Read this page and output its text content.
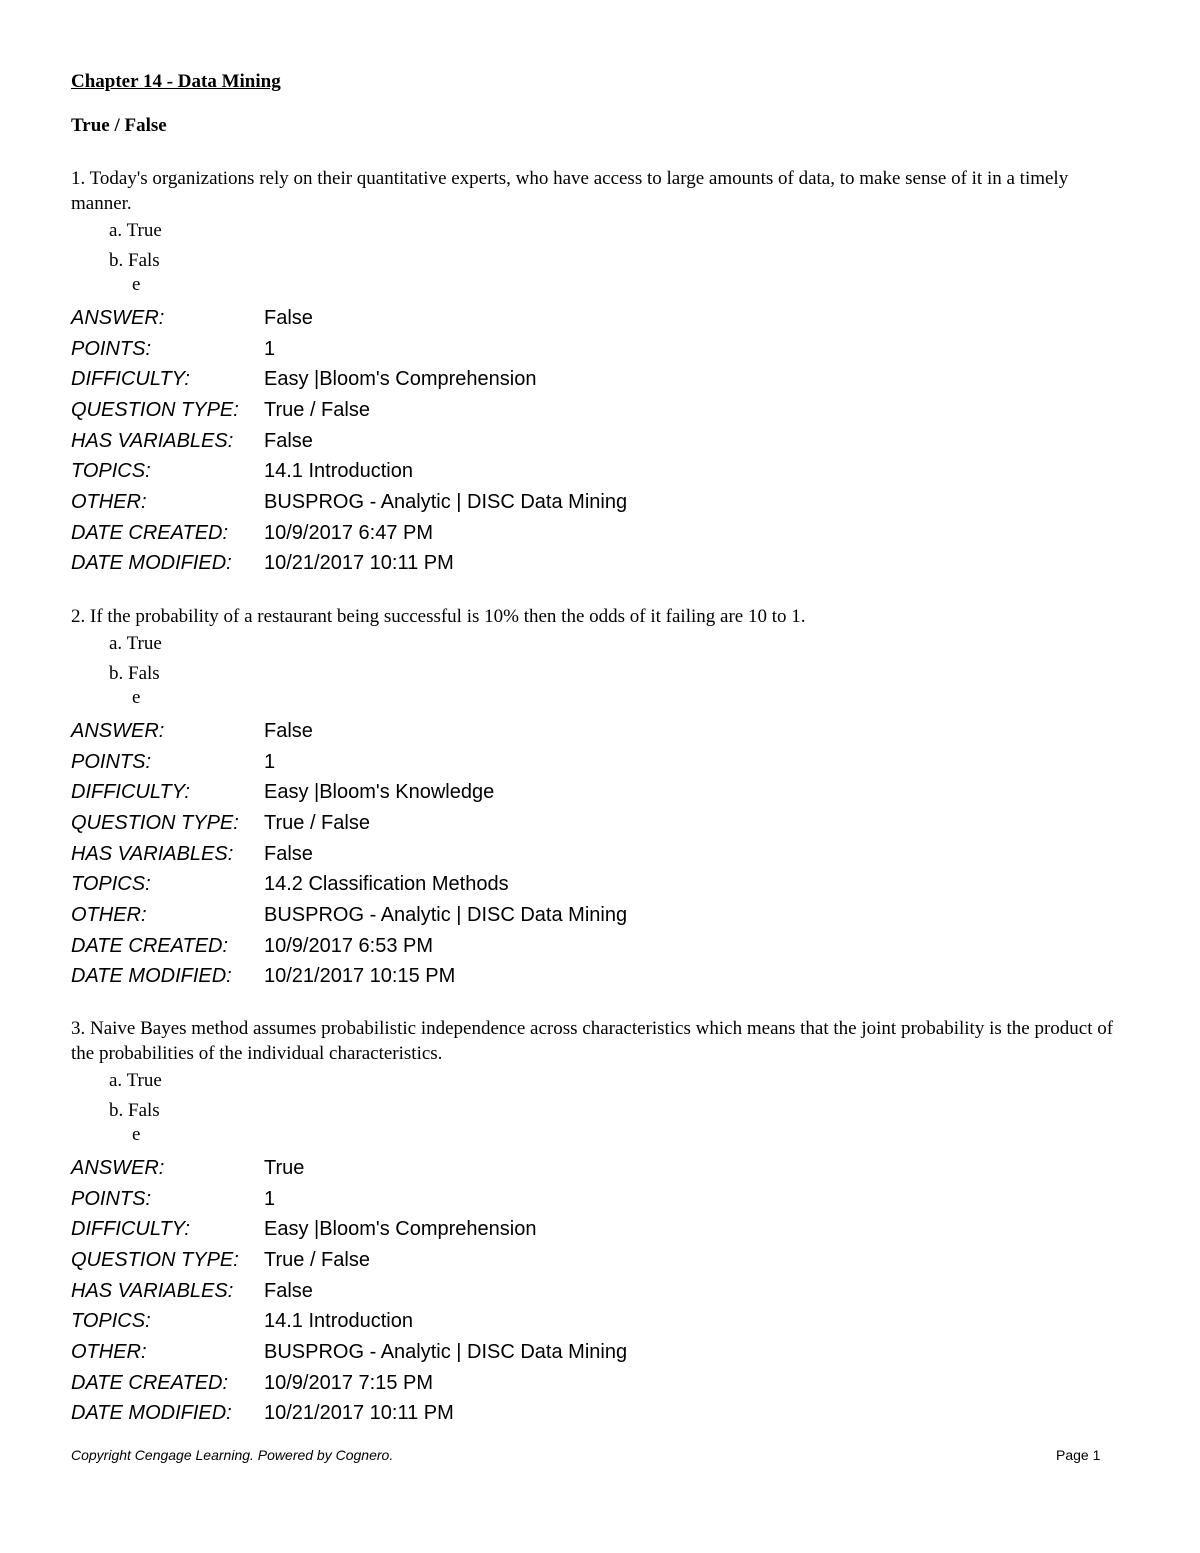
Chapter 14 - Data Mining
True / False

1. Today's organizations rely on their quantitative experts, who have access to large amounts of data, to make sense of it in a timely manner.

a. True
b. Fals
e
ANSWER:	False
POINTS:	1
DIFFICULTY:	Easy |Bloom's Comprehension
QUESTION TYPE:	True / False
HAS VARIABLES:	False
TOPICS:	14.1 Introduction
OTHER:	BUSPROG - Analytic | DISC Data Mining
DATE CREATED:	10/9/2017 6:47 PM
DATE MODIFIED:	10/21/2017 10:11 PM

2. If the probability of a restaurant being successful is 10% then the odds of it failing are 10 to 1.

a. True
b. Fals
e
ANSWER:	False
POINTS:	1
DIFFICULTY:	Easy |Bloom's Knowledge
QUESTION TYPE:	True / False
HAS VARIABLES:	False
TOPICS:	14.2 Classification Methods
OTHER:	BUSPROG - Analytic | DISC Data Mining
DATE CREATED:	10/9/2017 6:53 PM
DATE MODIFIED:	10/21/2017 10:15 PM

3. Naive Bayes method assumes probabilistic independence across characteristics which means that the joint probability is the product of the probabilities of the individual characteristics.

a. True
b. Fals
e
ANSWER:	True
POINTS:	1
DIFFICULTY:	Easy |Bloom's Comprehension
QUESTION TYPE:	True / False
HAS VARIABLES:	False
TOPICS:	14.1 Introduction
OTHER:	BUSPROG - Analytic | DISC Data Mining
DATE CREATED:	10/9/2017 7:15 PM
DATE MODIFIED:	10/21/2017 10:11 PM
Copyright Cengage Learning. Powered by Cognero.	Page 1
